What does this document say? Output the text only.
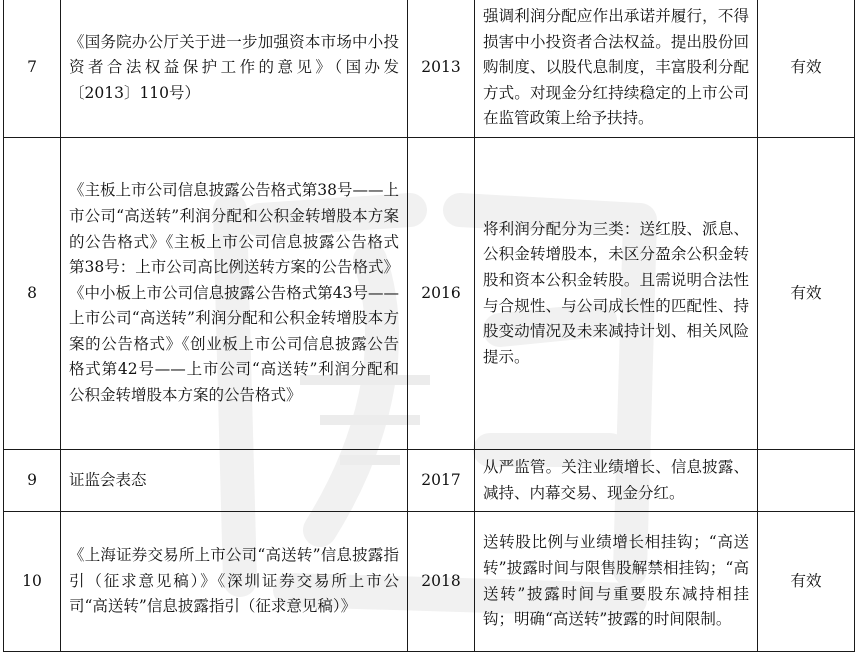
7	《国务院办公厅关于进一步加强资本市场中小投资者合法权益保护工作的意见》（国办发〔2013〕110号）	2013	强调利润分配应作出承诺并履行，不得损害中小投资者合法权益。提出股份回购制度、以股代息制度，丰富股利分配方式。对现金分红持续稳定的上市公司在监管政策上给予扶持。	有效
8	《主板上市公司信息披露公告格式第38号——上市公司“高送转”利润分配和公积金转增股本方案的公告格式》《主板上市公司信息披露公告格式第38号：上市公司高比例送转方案的公告格式》《中小板上市公司信息披露公告格式第43号——上市公司“高送转”利润分配和公积金转增股本方案的公告格式》《创业板上市公司信息披露公告格式第42号——上市公司“高送转”利润分配和公积金转增股本方案的公告格式》	2016	将利润分配分为三类：送红股、派息、公积金转增股本，未区分盈余公积金转股和资本公积金转股。且需说明合法性与合规性、与公司成长性的匹配性、持股变动情况及未来减持计划、相关风险提示。	有效
9	证监会表态	2017	从严监管。关注业绩增长、信息披露、减持、内幕交易、现金分红。	

10	《上海证券交易所上市公司“高送转”信息披露指引（征求意见稿）》《深圳证券交易所上市公司“高送转”信息披露指引（征求意见稿）》	2018	送转股比例与业绩增长相挂钩；“高送转”披露时间与限售股解禁相挂钩；“高送转”披露时间与重要股东减持相挂钩；明确“高送转”披露的时间限制。	有效
